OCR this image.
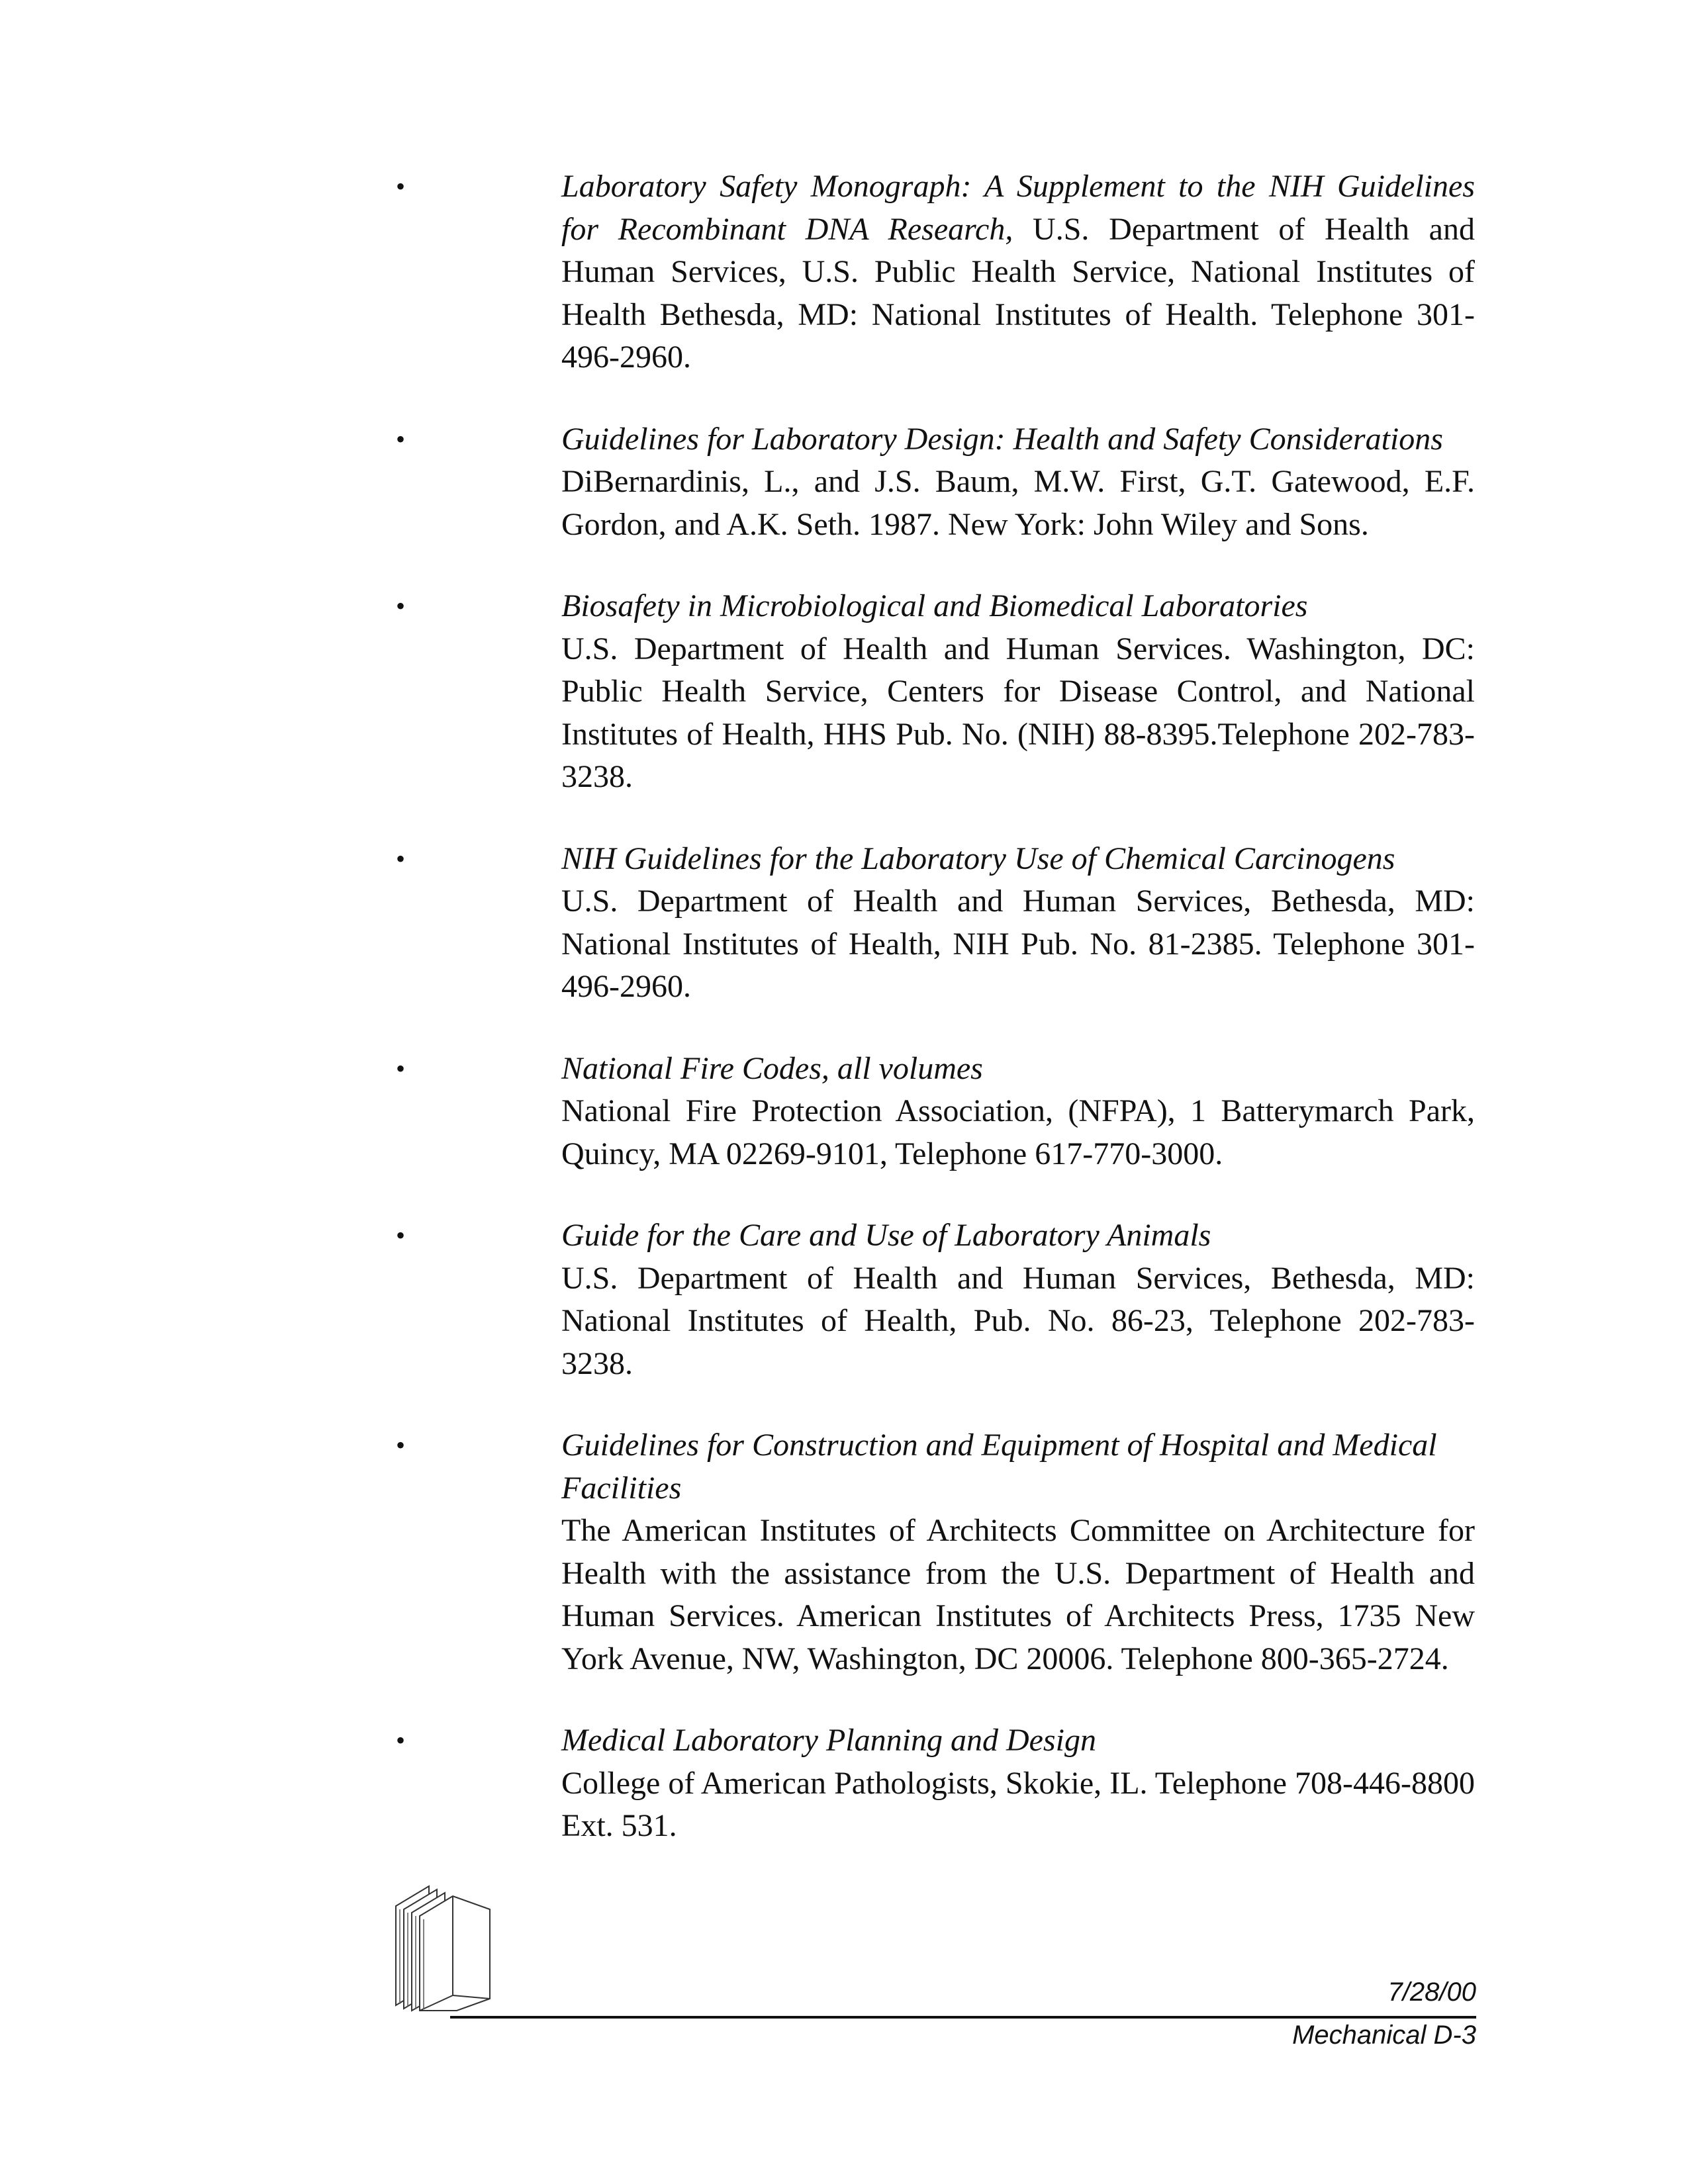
•	Laboratory Safety Monograph: A Supplement to the NIH Guidelines for Recombinant DNA Research, U.S. Department of Health and Human Services, U.S. Public Health Service, National Institutes of Health Bethesda, MD: National Institutes of Health. Telephone 301-496-2960.
•	Guidelines for Laboratory Design: Health and Safety Considerations
DiBernardinis, L., and J.S. Baum, M.W. First, G.T. Gatewood, E.F. Gordon, and A.K. Seth. 1987. New York: John Wiley and Sons.
•	Biosafety in Microbiological and Biomedical Laboratories
U.S. Department of Health and Human Services. Washington, DC: Public Health Service, Centers for Disease Control, and National Institutes of Health, HHS Pub. No. (NIH) 88-8395.Telephone 202-783-3238.
•	NIH Guidelines for the Laboratory Use of Chemical Carcinogens
U.S. Department of Health and Human Services, Bethesda, MD: National Institutes of Health, NIH Pub. No. 81-2385. Telephone 301-496-2960.
•	National Fire Codes, all volumes
National Fire Protection Association, (NFPA), 1 Batterymarch Park, Quincy, MA 02269-9101, Telephone 617-770-3000.
•	Guide for the Care and Use of Laboratory Animals
U.S. Department of Health and Human Services, Bethesda, MD: National Institutes of Health, Pub. No. 86-23, Telephone 202-783-3238.
•	Guidelines for Construction and Equipment of Hospital and Medical Facilities
The American Institutes of Architects Committee on Architecture for Health with the assistance from the U.S. Department of Health and Human Services. American Institutes of Architects Press, 1735 New York Avenue, NW, Washington, DC 20006. Telephone 800-365-2724.
•	Medical Laboratory Planning and Design
College of American Pathologists, Skokie, IL. Telephone 708-446-8800 Ext. 531.
7/28/00
Mechanical D-3
